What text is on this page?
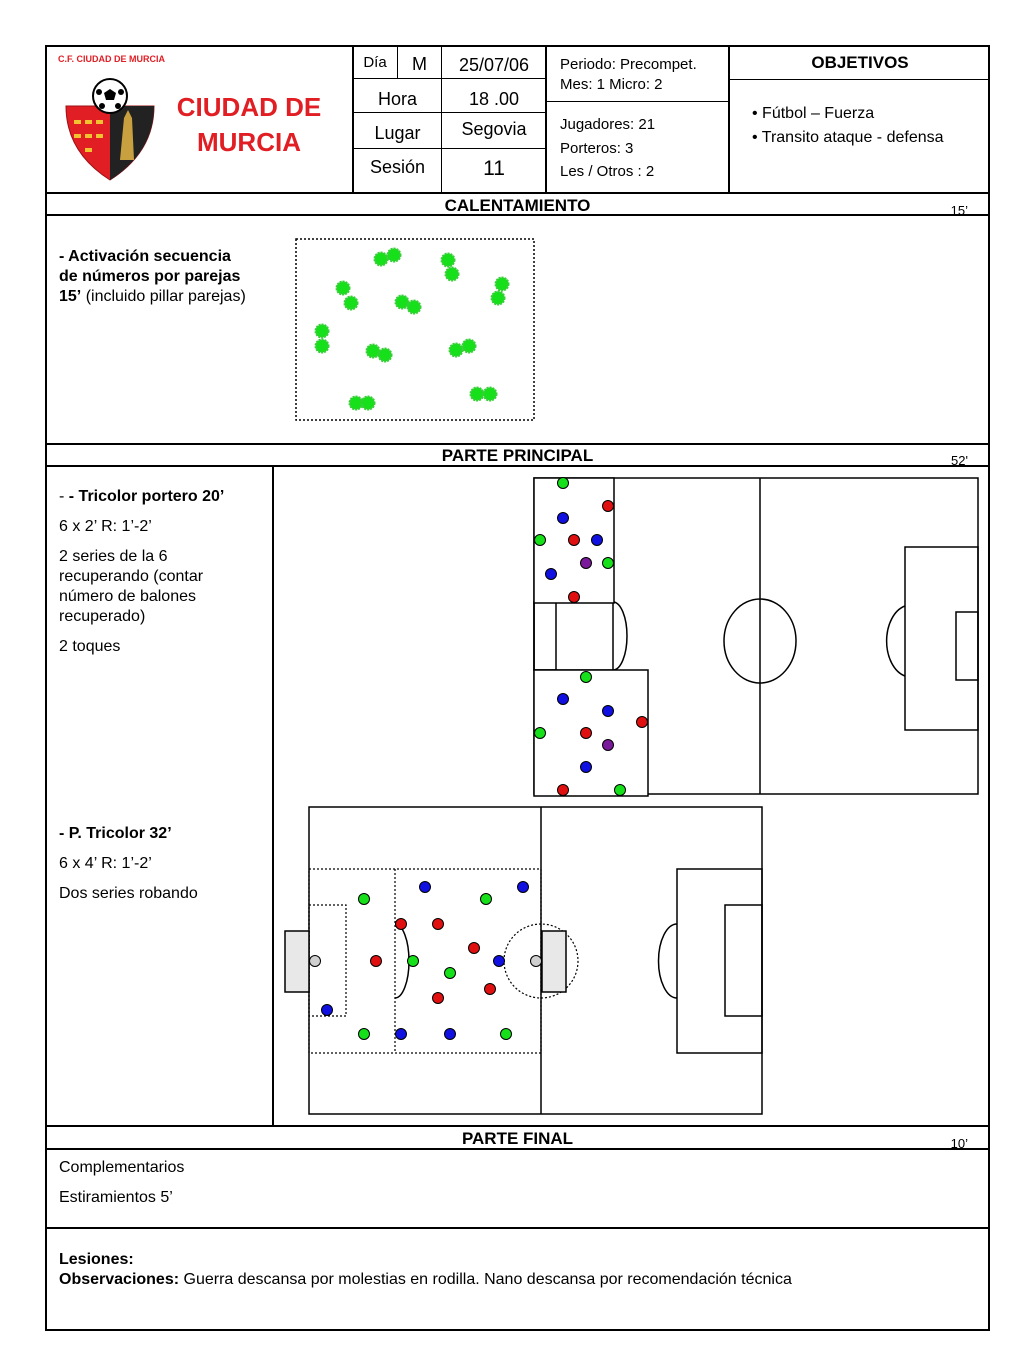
C.F. CIUDAD DE MURCIA
CIUDAD DE
MURCIA
Día	M	25/07/06
Hora	18 .00
Lugar	Segovia
Sesión	11
Periodo: Precompet.
Mes: 1 Micro: 2
Jugadores: 21
Porteros: 3
Les / Otros : 2
OBJETIVOS
• Fútbol – Fuerza
• Transito ataque - defensa
CALENTAMIENTO	15’
- Activación secuencia
de números por parejas
15’ (incluido pillar parejas)
PARTE PRINCIPAL	52'

- - Tricolor portero 20’

6 x 2’ R: 1’-2’

2 series de la 6 recuperando (contar número de balones recuperado)

2 toques

- P. Tricolor 32’

6 x 4’ R: 1’-2’

Dos series robando

PARTE FINAL	10’

Complementarios

Estiramientos 5’

Lesiones:
Observaciones: Guerra descansa por molestias en rodilla. Nano descansa por recomendación técnica
